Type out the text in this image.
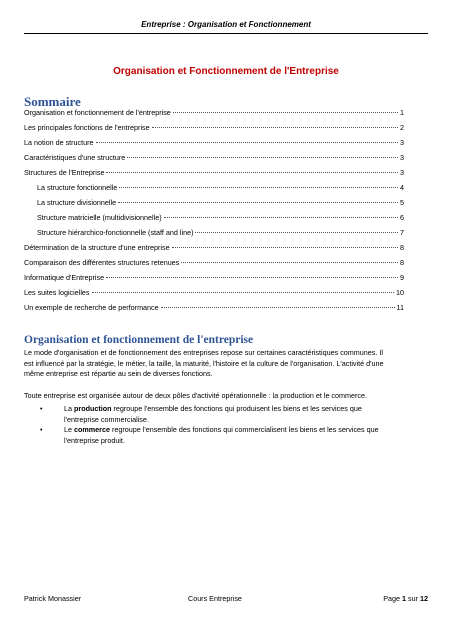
Entreprise : Organisation et Fonctionnement
Organisation et Fonctionnement de l'Entreprise
Sommaire
Organisation et fonctionnement de l'entreprise	1
Les principales fonctions de l'entreprise	2
La notion de structure	3
Caractéristiques d'une structure	3
Structures de l'Entreprise	3
La structure fonctionnelle	4
La structure divisionnelle	5
Structure matricielle (multidivisionnelle)	6
Structure hiérarchico-fonctionnelle (staff and line)	7
Détermination de la structure d'une entreprise	8
Comparaison des différentes structures retenues	8
Informatique d'Entreprise	9
Les suites logicielles	10
Un exemple de recherche de performance	11
Organisation et fonctionnement de l'entreprise

Le mode d'organisation et de fonctionnement des entreprises repose sur certaines caractéristiques communes. Il est influencé par la stratégie, le métier, la taille, la maturité, l'histoire et la culture de l'organisation. L'activité d'une même entreprise est répartie au sein de diverses fonctions.

Toute entreprise est organisée autour de deux pôles d'activité opérationnelle : la production et le commerce.

•	La production regroupe l'ensemble des fonctions qui produisent les biens et les services que l'entreprise commercialise.
•	Le commerce regroupe l'ensemble des fonctions qui commercialisent les biens et les services que l'entreprise produit.
Patrick Monassier	Cours Entreprise	Page 1 sur 12
